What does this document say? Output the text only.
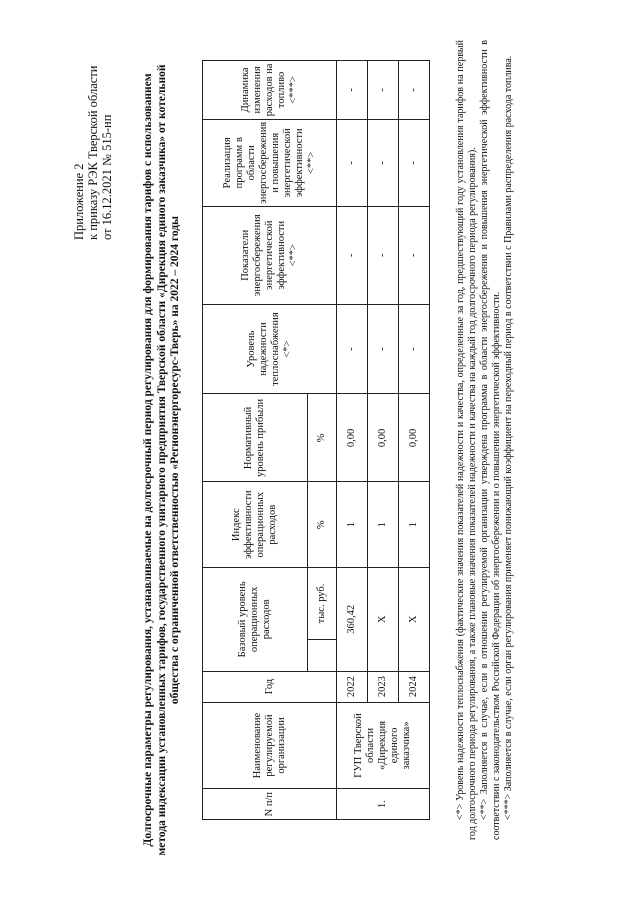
Приложение 2 к приказу РЭК Тверской области от 16.12.2021 № 515-нп Долгосрочные параметры регулирования, устанавливаемые на долгосрочный период регулирования для формирования тарифов с использованием метода индексации установленных тарифов, государственного унитарного предприятия Тверской области «Дирекция единого заказчика» от котельной общества с ограниченной ответственностью «Регионэнергоресурс-Тверь» на 2022 – 2024 годы
N п/п	Наименование регулируемой организации	Год	Базовый уровень операционных расходов		Индекс эффективности операционных расходов	Нормативный уровень прибыли	Уровень надежности теплоснабжения <*>	Показатели энергосбережения энергетической эффективности <**>	Реализация программ в области энергосбережения и повышения энергетической эффективности <**>	Динамика изменения расходов на топливо <***>
				тыс. руб.	%	%				
1.	ГУП Тверской области «Дирекция единого заказчика»	2022	360,42		1	0,00	-	-	-	-
		2023	X		1	0,00	-	-	-	-
		2024	X		1	0,00	-	-	-	-	<*> Уровень надежности теплоснабжения (фактические значения показателей надежности и качества, определенные за год, предшествующий году установления тарифов на первый год долгосрочного периода регулирования, а также плановые значения показателей надежности и качества на каждый год долгосрочного периода регулирования). <**> Заполняется в случае, если в отношении регулируемой организации утверждена программа в области энергосбережения и повышения энергетической эффективности в соответствии с законодательством Российской Федерации об энергосбережении и о повышении энергетической эффективности. <***> Заполняется в случае, если орган регулирования применяет понижающий коэффициент на переходный период в соответствии с Правилами распределения расхода топлива.
